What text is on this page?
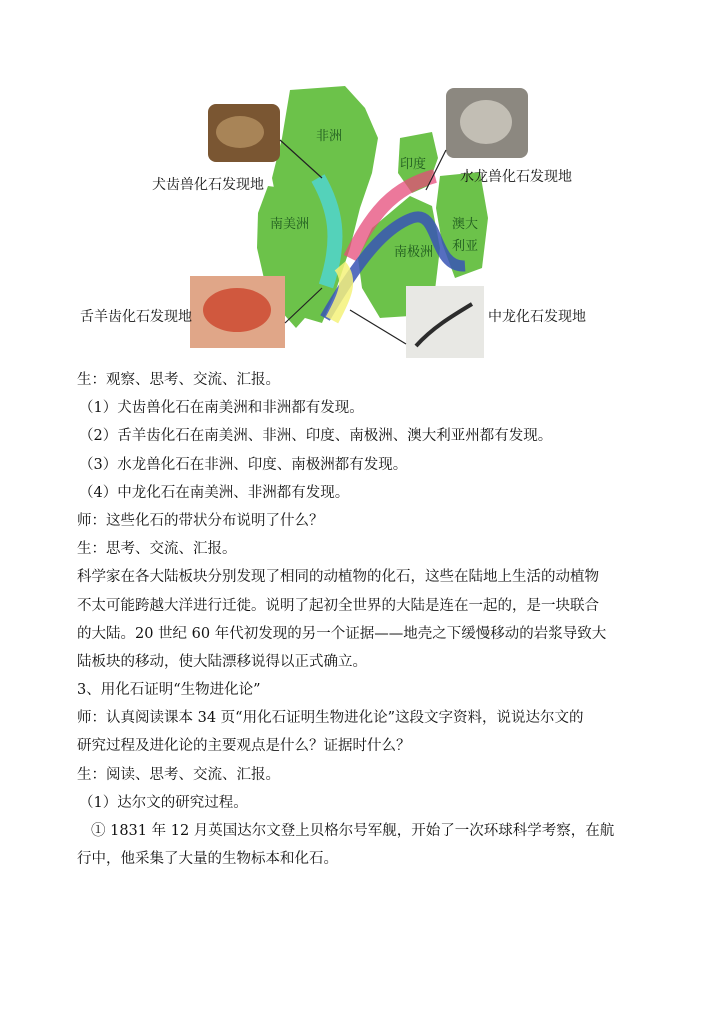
非洲
南美洲
印度
南极洲
澳大
利亚
犬齿兽化石发现地	水龙兽化石发现地
舌羊齿化石发现地	中龙化石发现地
生：观察、思考、交流、汇报。
（1）犬齿兽化石在南美洲和非洲都有发现。
（2）舌羊齿化石在南美洲、非洲、印度、南极洲、澳大利亚州都有发现。
（3）水龙兽化石在非洲、印度、南极洲都有发现。
（4）中龙化石在南美洲、非洲都有发现。
师：这些化石的带状分布说明了什么？
生：思考、交流、汇报。
科学家在各大陆板块分别发现了相同的动植物的化石，这些在陆地上生活的动植物
不太可能跨越大洋进行迁徙。说明了起初全世界的大陆是连在一起的，是一块联合
的大陆。20 世纪 60 年代初发现的另一个证据——地壳之下缓慢移动的岩浆导致大
陆板块的移动，使大陆漂移说得以正式确立。
3、用化石证明“生物进化论”
师：认真阅读课本 34 页“用化石证明生物进化论”这段文字资料，说说达尔文的
研究过程及进化论的主要观点是什么？证据时什么？
生：阅读、思考、交流、汇报。
（1）达尔文的研究过程。
① 1831 年 12 月英国达尔文登上贝格尔号军舰，开始了一次环球科学考察，在航
行中，他采集了大量的生物标本和化石。
